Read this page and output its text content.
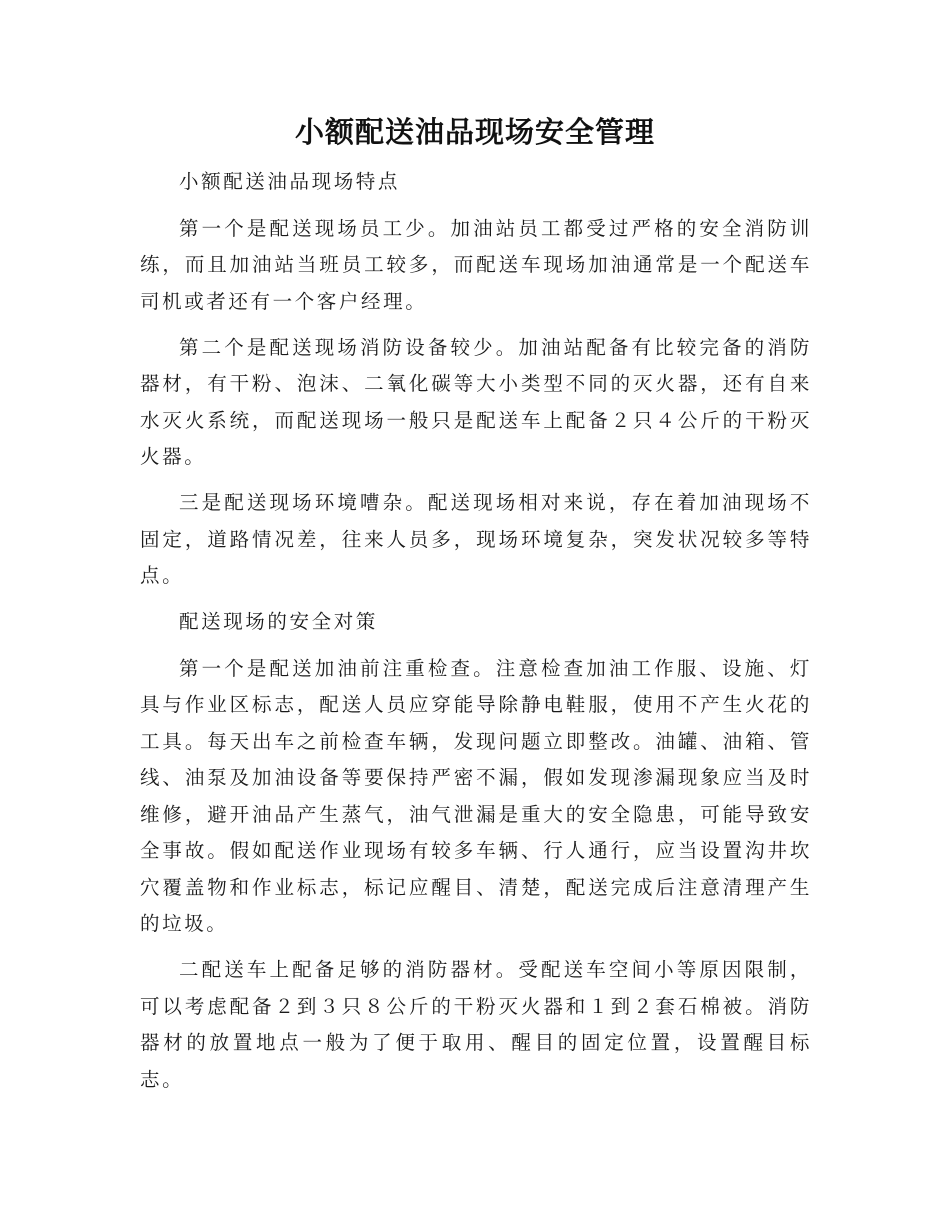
小额配送油品现场安全管理

小额配送油品现场特点

第一个是配送现场员工少。加油站员工都受过严格的安全消防训练，而且加油站当班员工较多，而配送车现场加油通常是一个配送车司机或者还有一个客户经理。

第二个是配送现场消防设备较少。加油站配备有比较完备的消防器材，有干粉、泡沫、二氧化碳等大小类型不同的灭火器，还有自来水灭火系统，而配送现场一般只是配送车上配备２只４公斤的干粉灭火器。

三是配送现场环境嘈杂。配送现场相对来说，存在着加油现场不固定，道路情况差，往来人员多，现场环境复杂，突发状况较多等特点。

配送现场的安全对策

第一个是配送加油前注重检查。注意检查加油工作服、设施、灯具与作业区标志，配送人员应穿能导除静电鞋服，使用不产生火花的工具。每天出车之前检查车辆，发现问题立即整改。油罐、油箱、管线、油泵及加油设备等要保持严密不漏，假如发现渗漏现象应当及时维修，避开油品产生蒸气，油气泄漏是重大的安全隐患，可能导致安全事故。假如配送作业现场有较多车辆、行人通行，应当设置沟井坎穴覆盖物和作业标志，标记应醒目、清楚，配送完成后注意清理产生的垃圾。

二配送车上配备足够的消防器材。受配送车空间小等原因限制，可以考虑配备２到３只８公斤的干粉灭火器和１到２套石棉被。消防器材的放置地点一般为了便于取用、醒目的固定位置，设置醒目标志。
